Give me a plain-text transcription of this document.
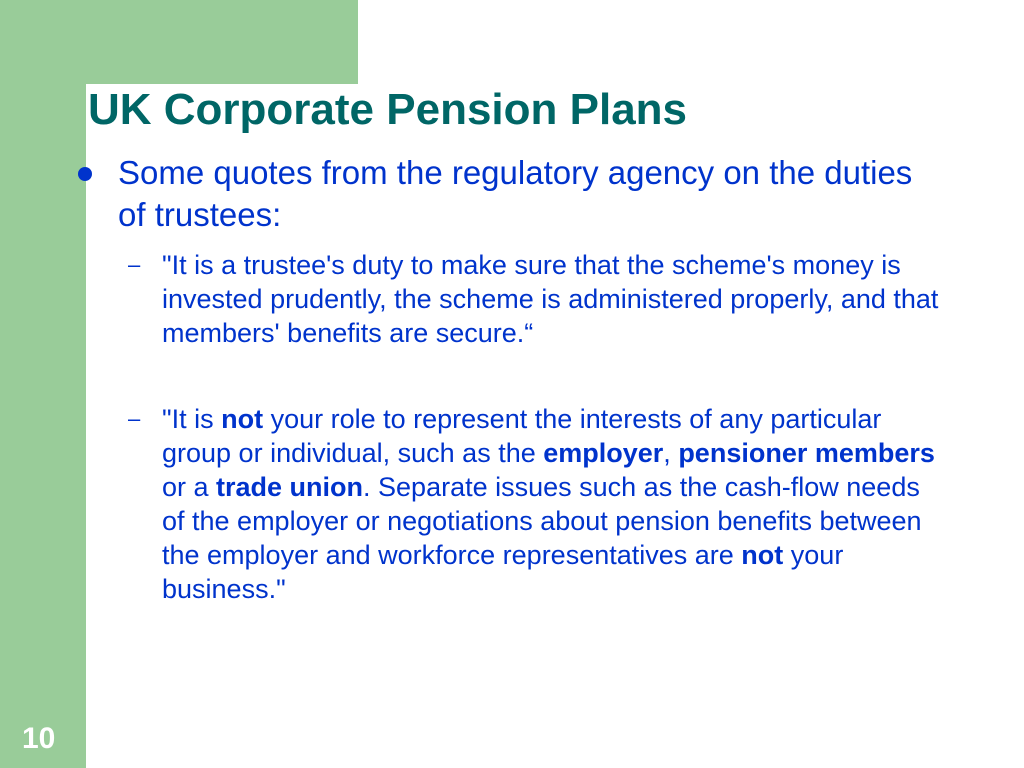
UK Corporate Pension Plans
Some quotes from the regulatory agency on the duties of trustees:
– "It is a trustee's duty to make sure that the scheme's money is invested prudently, the scheme is administered properly, and that members' benefits are secure.“
– "It is not your role to represent the interests of any particular group or individual, such as the employer, pensioner members or a trade union. Separate issues such as the cash-flow needs of the employer or negotiations about pension benefits between the employer and workforce representatives are not your business."
10
